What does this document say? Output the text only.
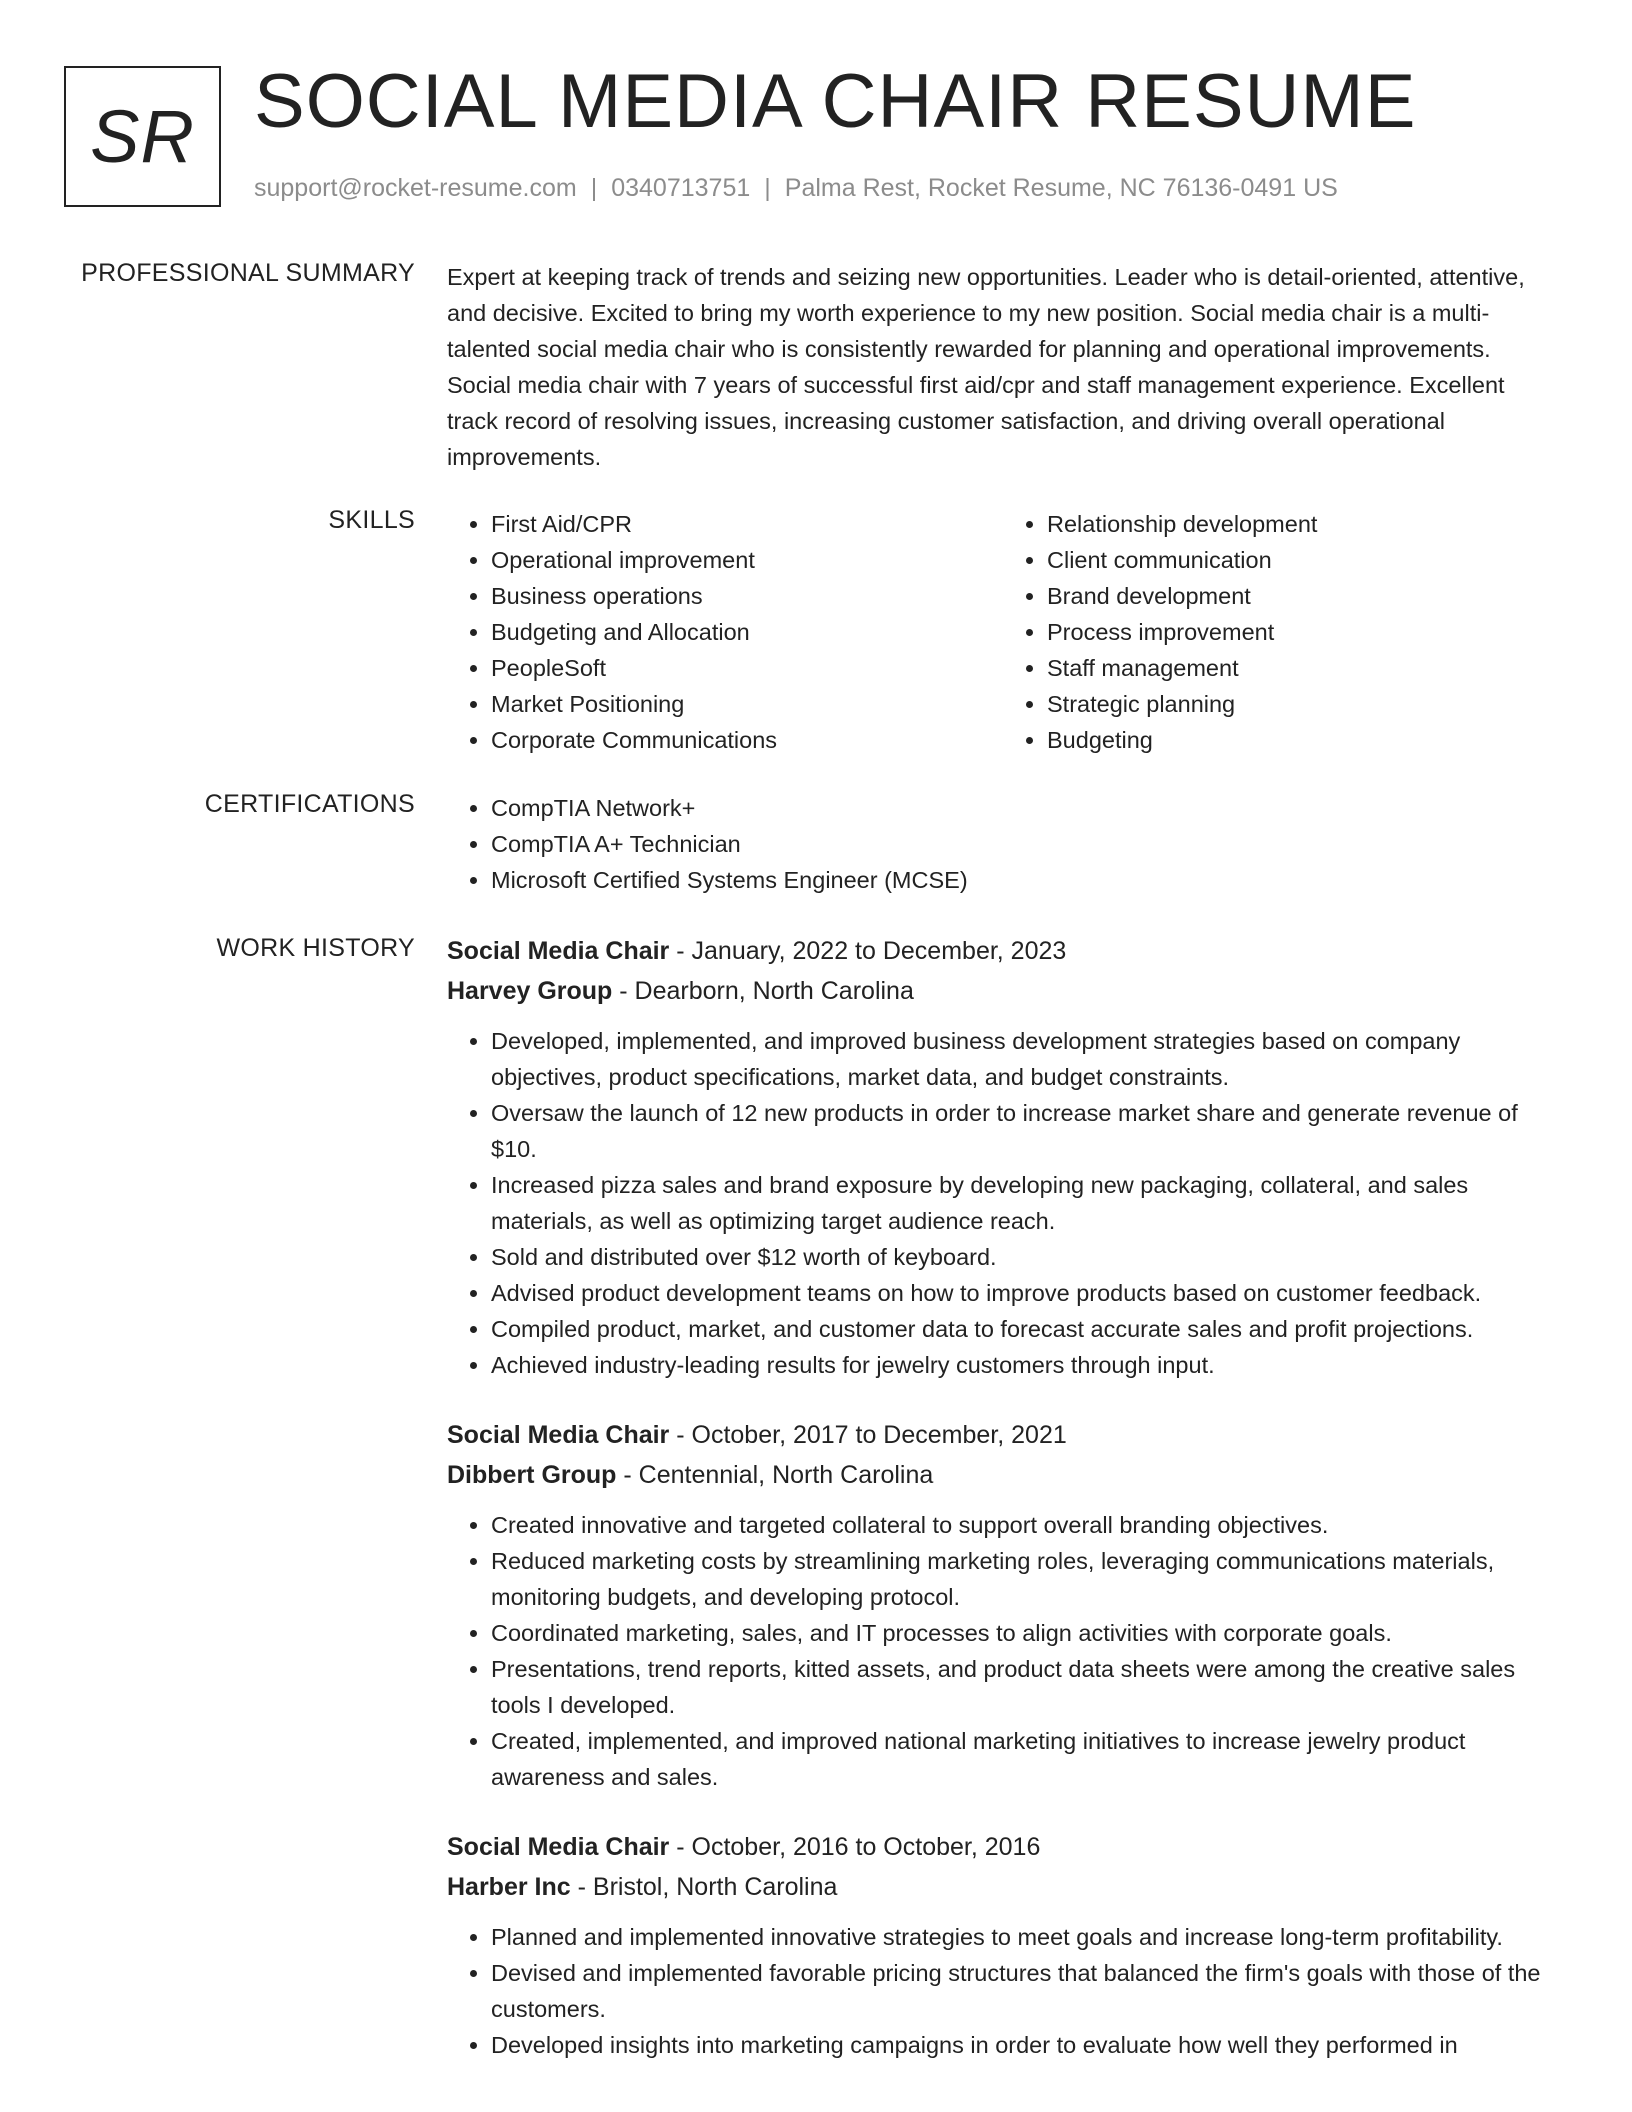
SR SOCIAL MEDIA CHAIR RESUME
support@rocket-resume.com | 0340713751 | Palma Rest, Rocket Resume, NC 76136-0491 US
PROFESSIONAL SUMMARY Expert at keeping track of trends and seizing new opportunities. Leader who is detail-oriented, attentive, and decisive. Excited to bring my worth experience to my new position. Social media chair is a multi-talented social media chair who is consistently rewarded for planning and operational improvements. Social media chair with 7 years of successful first aid/cpr and staff management experience. Excellent track record of resolving issues, increasing customer satisfaction, and driving overall operational improvements.
SKILLS	• First Aid/CPR
• Operational improvement
• Business operations
• Budgeting and Allocation
• PeopleSoft
• Market Positioning
• Corporate Communications
• Relationship development
• Client communication
• Brand development
• Process improvement
• Staff management
• Strategic planning
• Budgeting
CERTIFICATIONS	• CompTIA Network+
• CompTIA A+ Technician
• Microsoft Certified Systems Engineer (MCSE)
WORK HISTORY Social Media Chair - January, 2022 to December, 2023
Harvey Group - Dearborn, North Carolina
• Developed, implemented, and improved business development strategies based on company objectives, product specifications, market data, and budget constraints.
• Oversaw the launch of 12 new products in order to increase market share and generate revenue of $10.
• Increased pizza sales and brand exposure by developing new packaging, collateral, and sales materials, as well as optimizing target audience reach.
• Sold and distributed over $12 worth of keyboard.
• Advised product development teams on how to improve products based on customer feedback.
• Compiled product, market, and customer data to forecast accurate sales and profit projections.
• Achieved industry-leading results for jewelry customers through input.
Social Media Chair - October, 2017 to December, 2021
Dibbert Group - Centennial, North Carolina
• Created innovative and targeted collateral to support overall branding objectives.
• Reduced marketing costs by streamlining marketing roles, leveraging communications materials, monitoring budgets, and developing protocol.
• Coordinated marketing, sales, and IT processes to align activities with corporate goals.
• Presentations, trend reports, kitted assets, and product data sheets were among the creative sales tools I developed.
• Created, implemented, and improved national marketing initiatives to increase jewelry product awareness and sales.
Social Media Chair - October, 2016 to October, 2016
Harber Inc - Bristol, North Carolina
• Planned and implemented innovative strategies to meet goals and increase long-term profitability.
• Devised and implemented favorable pricing structures that balanced the firm's goals with those of the customers.
• Developed insights into marketing campaigns in order to evaluate how well they performed in
